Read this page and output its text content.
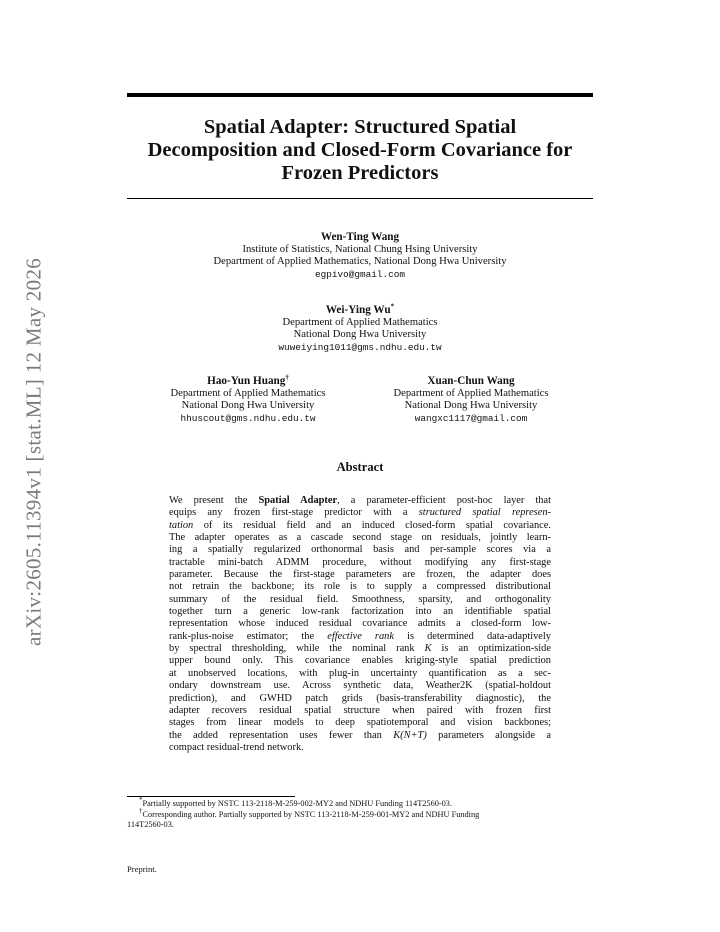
arXiv:2605.11394v1 [stat.ML] 12 May 2026
Spatial Adapter: Structured Spatial
Decomposition and Closed-Form Covariance for
Frozen Predictors
Wen-Ting Wang
Institute of Statistics, National Chung Hsing University
Department of Applied Mathematics, National Dong Hwa University
egpivo@gmail.com
Wei-Ying Wu*
Department of Applied Mathematics
National Dong Hwa University
wuweiying1011@gms.ndhu.edu.tw
Hao-Yun Huang†
Department of Applied Mathematics
National Dong Hwa University
hhuscout@gms.ndhu.edu.tw
Xuan-Chun Wang
Department of Applied Mathematics
National Dong Hwa University
wangxc1117@gmail.com
Abstract
We present the Spatial Adapter, a parameter-efficient post-hoc layer that
equips any frozen first-stage predictor with a structured spatial represen-
tation of its residual field and an induced closed-form spatial covariance.
The adapter operates as a cascade second stage on residuals, jointly learn-
ing a spatially regularized orthonormal basis and per-sample scores via a
tractable mini-batch ADMM procedure, without modifying any first-stage
parameter. Because the first-stage parameters are frozen, the adapter does
not retrain the backbone; its role is to supply a compressed distributional
summary of the residual field. Smoothness, sparsity, and orthogonality
together turn a generic low-rank factorization into an identifiable spatial
representation whose induced residual covariance admits a closed-form low-
rank-plus-noise estimator; the effective rank is determined data-adaptively
by spectral thresholding, while the nominal rank K is an optimization-side
upper bound only. This covariance enables kriging-style spatial prediction
at unobserved locations, with plug-in uncertainty quantification as a sec-
ondary downstream use. Across synthetic data, Weather2K (spatial-holdout
prediction), and GWHD patch grids (basis-transferability diagnostic), the
adapter recovers residual spatial structure when paired with frozen first
stages from linear models to deep spatiotemporal and vision backbones;
the added representation uses fewer than K(N+T) parameters alongside a
compact residual-trend network.
*Partially supported by NSTC 113-2118-M-259-002-MY2 and NDHU Funding 114T2560-03.
†Corresponding author. Partially supported by NSTC 113-2118-M-259-001-MY2 and NDHU Funding
114T2560-03.
Preprint.
